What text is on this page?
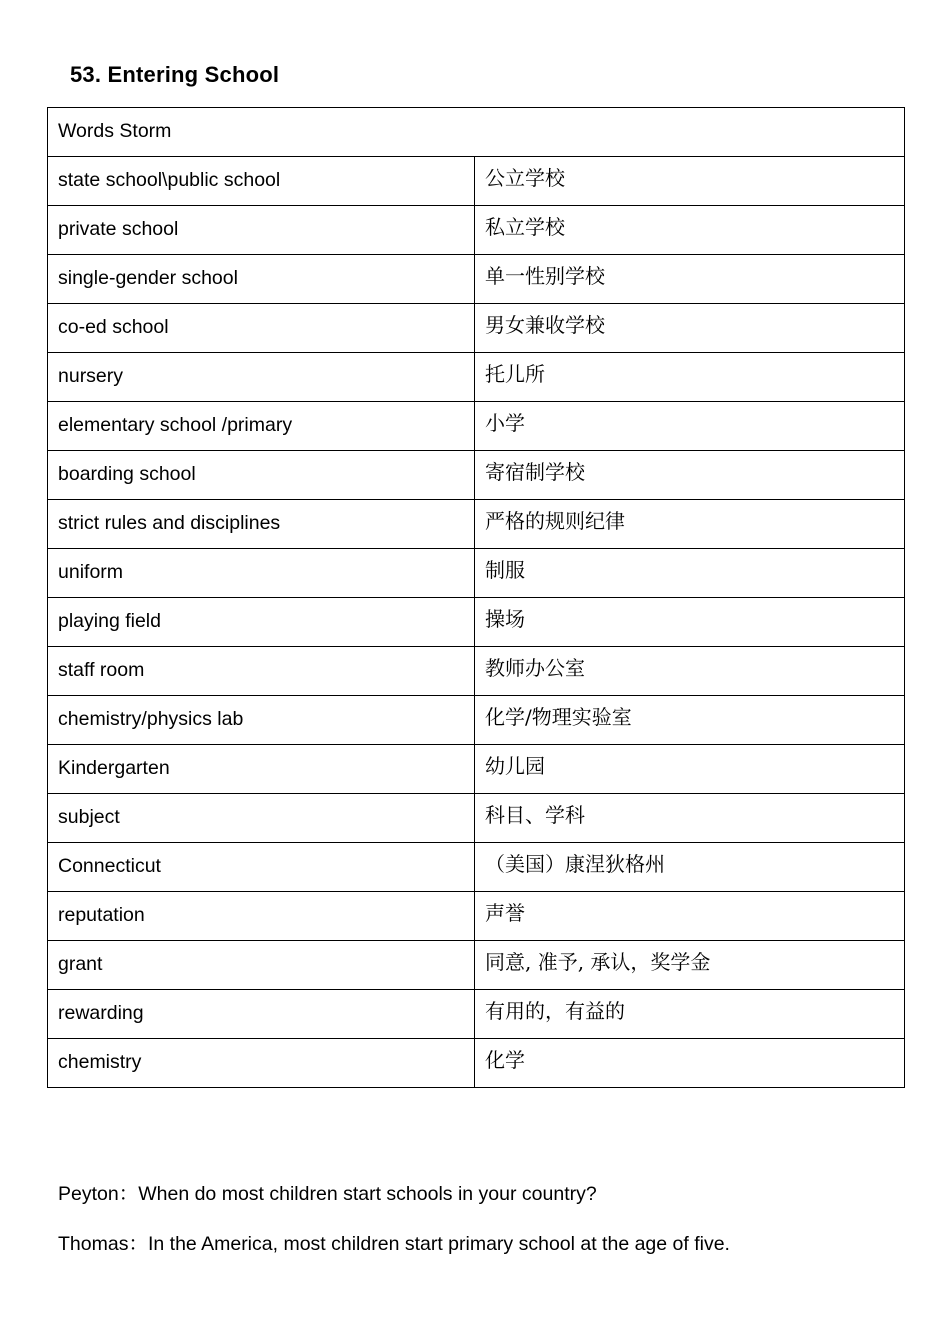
53. Entering School
Words Storm	
state school\public school	公立学校
private school	私立学校
single-gender school	单一性别学校
co-ed school	男女兼收学校
nursery	托儿所
elementary school /primary	小学
boarding school	寄宿制学校
strict rules and disciplines	严格的规则纪律
uniform	制服
playing field	操场
staff room	教师办公室
chemistry/physics lab	化学/物理实验室
Kindergarten	幼儿园
subject	科目、学科
Connecticut	（美国）康涅狄格州
reputation	声誉
grant	同意, 准予, 承认，奖学金
rewarding	有用的，有益的
chemistry	化学
Peyton ： When do most children start schools in your country?
Thomas ： In the America, most children start primary school at the age of five.
